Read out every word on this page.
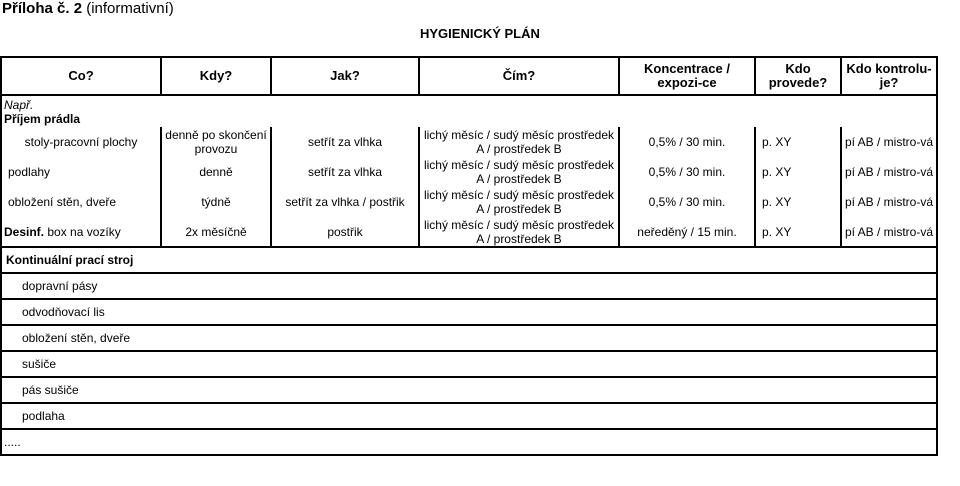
Příloha č. 2 (informativní)
HYGIENICKÝ PLÁN
Co?	Kdy?	Jak?	Čím?	Koncentrace / expozi-ce	Kdo provede?	Kdo kontrolu-je?

Např.
Příjem prádla						

stoly-pracovní plochy	denně po skončení provozu	setřít za vlhka	lichý měsíc / sudý měsíc prostředek A / prostředek B	0,5% / 30 min.	p. XY	pí AB / mistro-vá
podlahy	denně	setřít za vlhka	lichý měsíc / sudý měsíc prostředek A / prostředek B	0,5% / 30 min.	p. XY	pí AB / mistro-vá
obložení stěn, dveře	týdně	setřít za vlhka / postřik	lichý měsíc / sudý měsíc prostředek A / prostředek B	0,5% / 30 min.	p. XY	pí AB / mistro-vá
Desinf. box na vozíky	2x měsíčně	postřik	lichý měsíc / sudý měsíc prostředek A / prostředek B	neředěný / 15 min.	p. XY	pí AB / mistro-vá
Kontinuální prací stroj						
dopravní pásy						
odvodňovací lis						
obložení stěn, dveře						
sušiče						
pás sušiče						
podlaha						
.....						
